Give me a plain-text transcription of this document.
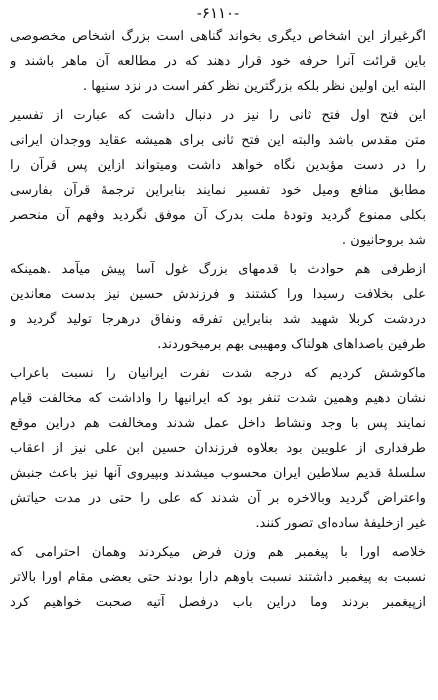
-۶۱۱۰-

اگرغیراز این اشخاص دیگری بخواند گناهی است بزرگ اشخاص مخصوصی
باین قرائت آنرا حرفه خود قرار دهند که در مطالعه آن ماهر باشند و
البته این اولین نظر بلکه بزرگترین نظر کفر است در نزد سنیها .

این فتح اول فتح ثانی را نیز در دنبال داشت که عبارت از تفسیر
متن مقدس باشد والبته این فتح ثانی برای همیشه عقاید ووجدان ایرانی
را در دست مؤبدین نگاه خواهد داشت ومیتواند ازاین پس قرآن را
مطابق منافع ومیل خود تفسیر نمایند بنابراین ترجمهٔ قرآن بفارسی
بکلی ممنوع گردید وتودهٔ ملت بدرک آن موفق نگردید وفهم آن منحصر
شد بروحانیون .

ازطرفی هم حوادث با قدمهای بزرگ غول آسا پیش میآمد .همینکه
علی بخلافت رسیدا ورا کشتند و فرزندش حسین نیز بدست معاندین
دردشت کربلا شهید شد بنابراین تفرقه ونفاق درهرجا تولید گردید و
طرفین باصداهای هولناک ومهیبی بهم برمیخوردند.

ماکوشش کردیم که درجه شدت نفرت ایرانیان را نسبت باعراب
نشان دهیم وهمین شدت تنفر بود که ایرانیها را واداشت که مخالفت قیام
نمایند پس با وجد ونشاط داخل عمل شدند ومخالفت هم دراین موقع
طرفداری از علویین بود بعلاوه فرزندان حسین ابن علی نیز از اعقاب
سلسلهٔ قدیم سلاطین ایران محسوب میشدند وبپیروی آنها نیز باعث جنبش
واعتراض گردید وبالاخره بر آن شدند که علی را حتی در مدت حیاتش
غیر ازخلیفهٔ ساده‌ای تصور کنند.

خلاصه اورا با پیغمبر هم وزن فرض میکردند وهمان احترامی که
نسبت به پیغمبر داشتند نسبت باوهم دارا بودند حتی بعضی مقام اورا بالاتر
ازپیغمبر بردند وما دراین باب درفصل آتیه صحبت خواهیم کرد
